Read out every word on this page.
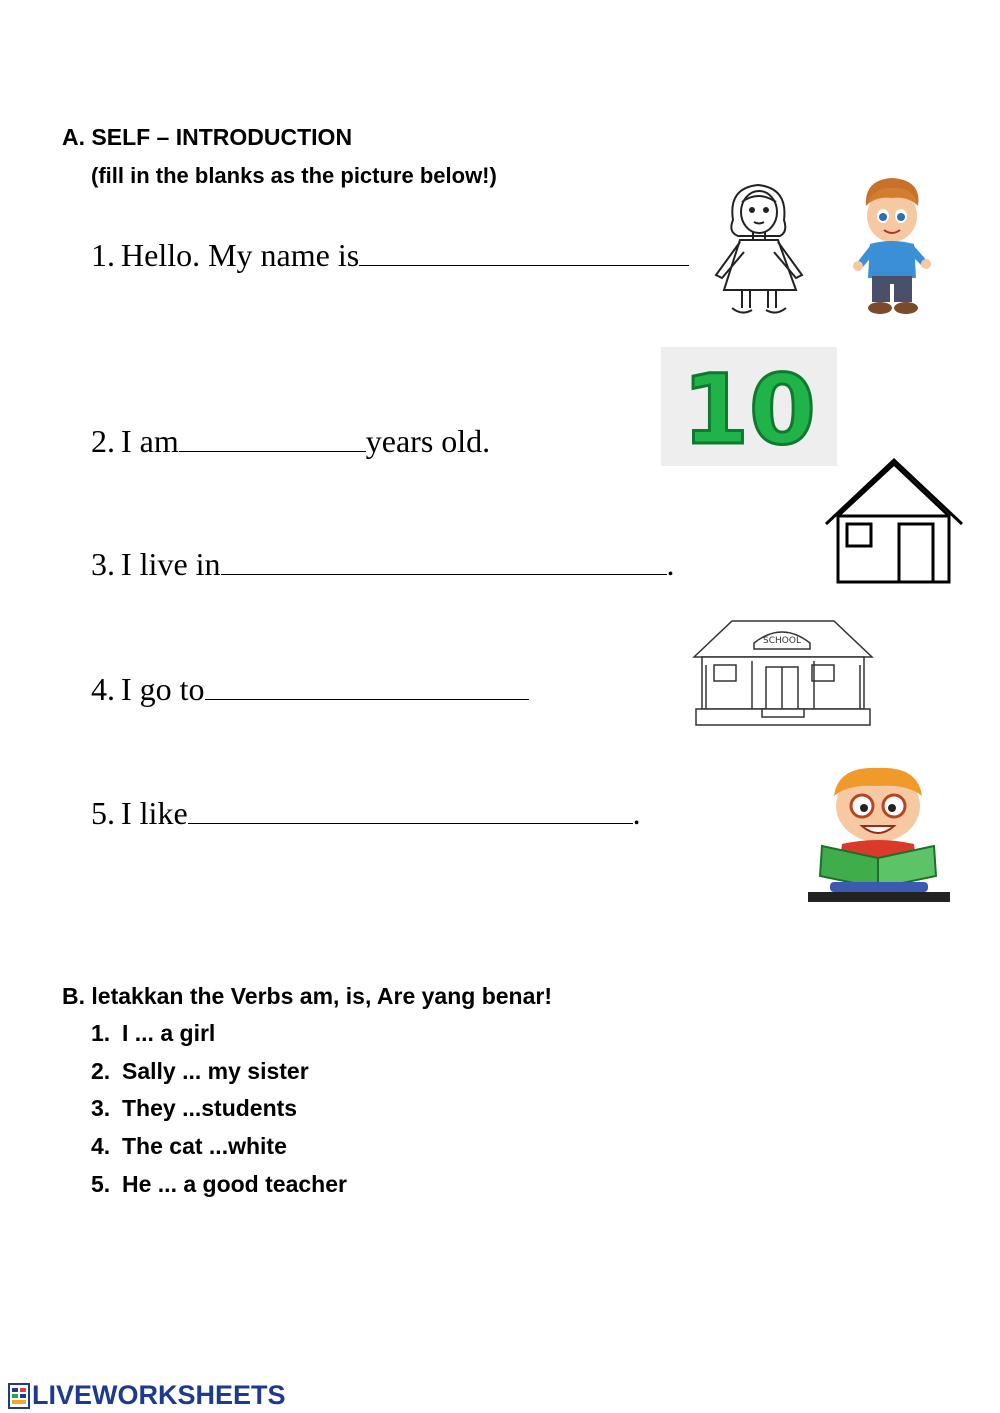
A. SELF – INTRODUCTION
(fill in the blanks as the picture below!)
1. Hello. My name is
2. I am	years old.
3. I live in	.
4. I go to
5. I like	.
10
SCHOOL
B. letakkan the Verbs am, is, Are yang benar!
1. I ... a girl
2. Sally ... my sister
3. They ...students
4. The cat ...white
5. He ... a good teacher
LIVEWORKSHEETS
